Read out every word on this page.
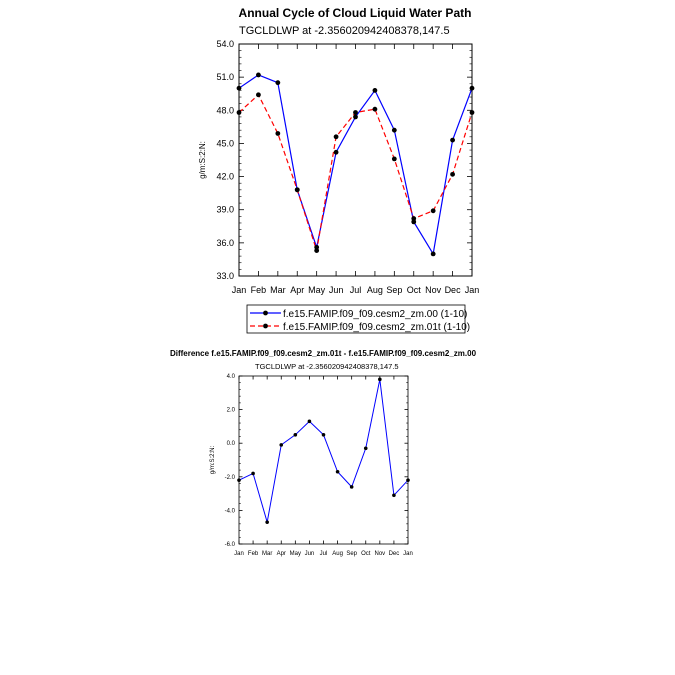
Annual Cycle of Cloud Liquid Water Path
TGCLDLWP at -2.356020942408378,147.5
Jan Feb Mar Apr May Jun Jul Aug Sep Oct Nov Dec Jan
33.0
36.0
39.0
42.0
45.0
48.0
51.0
54.0
g/m:S:2:N:
f.e15.FAMIP.f09_f09.cesm2_zm.00 (1-10)
f.e15.FAMIP.f09_f09.cesm2_zm.01t (1-10)
Difference f.e15.FAMIP.f09_f09.cesm2_zm.01t - f.e15.FAMIP.f09_f09.cesm2_zm.00
TGCLDLWP at -2.356020942408378,147.5
Jan Feb Mar Apr May Jun Jul Aug Sep Oct Nov Dec Jan
-6.0
-4.0
-2.0
0.0
2.0
4.0
g/m:S:2:N:
